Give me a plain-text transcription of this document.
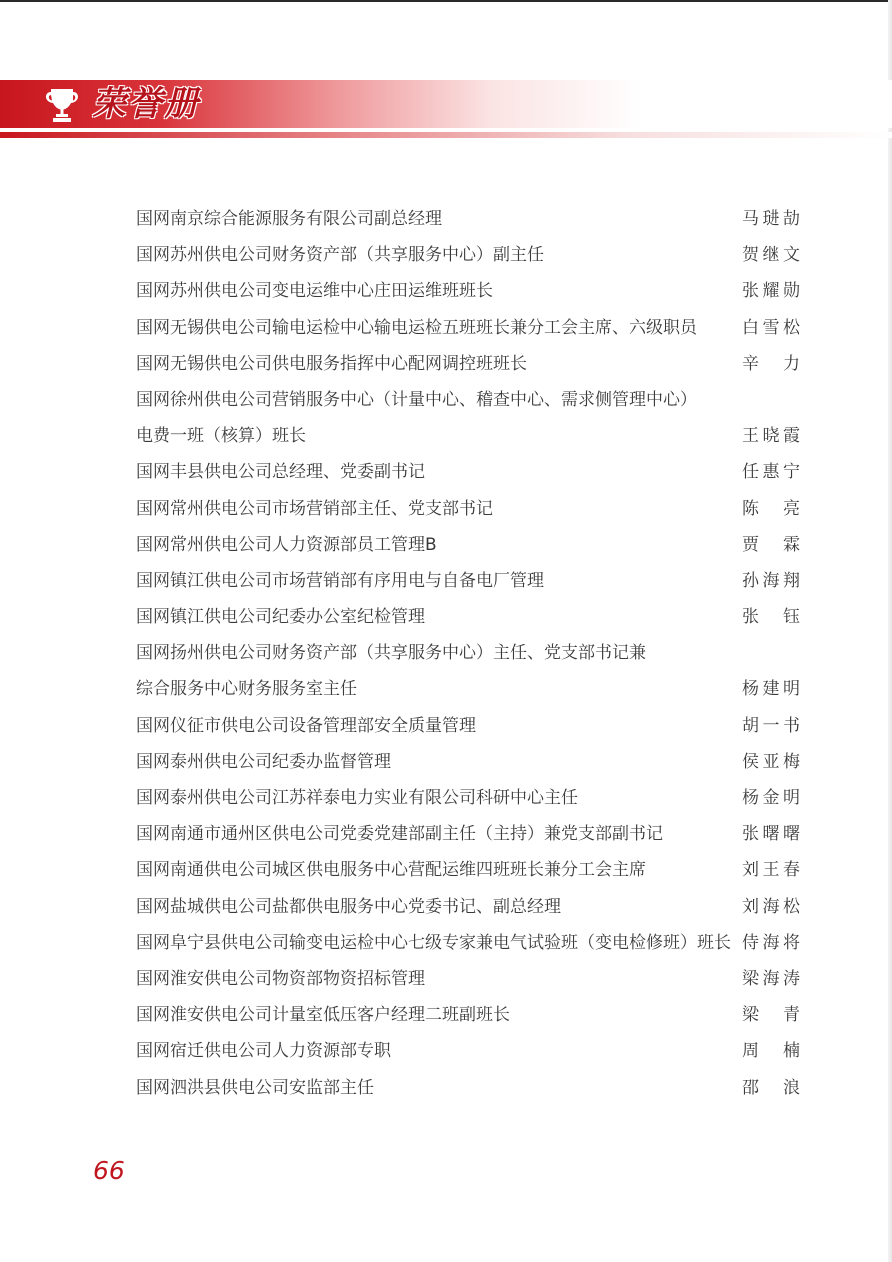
荣誉册
国网南京综合能源服务有限公司副总经理	马琎劼
国网苏州供电公司财务资产部（共享服务中心）副主任	贺继文
国网苏州供电公司变电运维中心庄田运维班班长	张耀勋
国网无锡供电公司输电运检中心输电运检五班班长兼分工会主席、六级职员	白雪松
国网无锡供电公司供电服务指挥中心配网调控班班长	辛力
国网徐州供电公司营销服务中心（计量中心、稽查中心、需求侧管理中心）
电费一班（核算）班长	王晓霞
国网丰县供电公司总经理、党委副书记	任惠宁
国网常州供电公司市场营销部主任、党支部书记	陈亮
国网常州供电公司人力资源部员工管理B	贾霖
国网镇江供电公司市场营销部有序用电与自备电厂管理	孙海翔
国网镇江供电公司纪委办公室纪检管理	张钰
国网扬州供电公司财务资产部（共享服务中心）主任、党支部书记兼
综合服务中心财务服务室主任	杨建明
国网仪征市供电公司设备管理部安全质量管理	胡一书
国网泰州供电公司纪委办监督管理	侯亚梅
国网泰州供电公司江苏祥泰电力实业有限公司科研中心主任	杨金明
国网南通市通州区供电公司党委党建部副主任（主持）兼党支部副书记	张曙曙
国网南通供电公司城区供电服务中心营配运维四班班长兼分工会主席	刘王春
国网盐城供电公司盐都供电服务中心党委书记、副总经理	刘海松
国网阜宁县供电公司输变电运检中心七级专家兼电气试验班（变电检修班）班长 侍海将
国网淮安供电公司物资部物资招标管理	梁海涛
国网淮安供电公司计量室低压客户经理二班副班长	梁青
国网宿迁供电公司人力资源部专职	周楠
国网泗洪县供电公司安监部主任	邵浪
66
